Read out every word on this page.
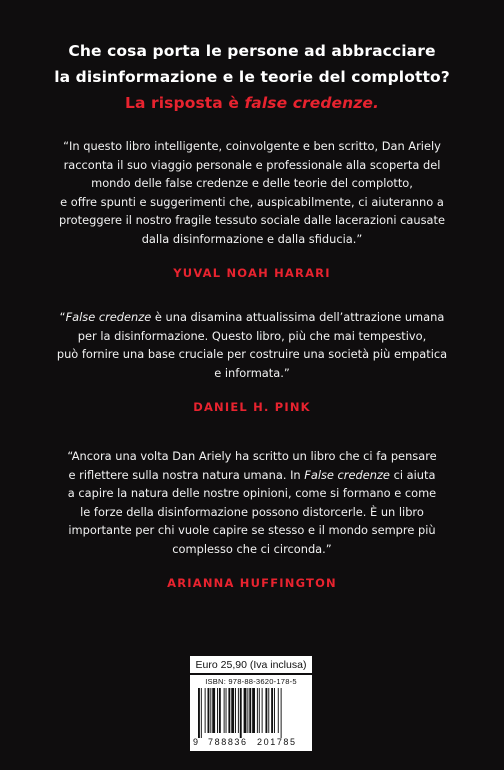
Che cosa porta le persone ad abbracciare
la disinformazione e le teorie del complotto?
La risposta è false credenze.
“In questo libro intelligente, coinvolgente e ben scritto, Dan Ariely
racconta il suo viaggio personale e professionale alla scoperta del
mondo delle false credenze e delle teorie del complotto,
e offre spunti e suggerimenti che, auspicabilmente, ci aiuteranno a
proteggere il nostro fragile tessuto sociale dalle lacerazioni causate
dalla disinformazione e dalla sfiducia.”
YUVAL NOAH HARARI
“False credenze è una disamina attualissima dell’attrazione umana
per la disinformazione. Questo libro, più che mai tempestivo,
può fornire una base cruciale per costruire una società più empatica
e informata.”
DANIEL H. PINK
“Ancora una volta Dan Ariely ha scritto un libro che ci fa pensare
e riflettere sulla nostra natura umana. In False credenze ci aiuta
a capire la natura delle nostre opinioni, come si formano e come
le forze della disinformazione possono distorcerle. È un libro
importante per chi vuole capire se stesso e il mondo sempre più
complesso che ci circonda.”
ARIANNA HUFFINGTON
Euro 25,90 (Iva inclusa)
ISBN: 978-88-3620-178-5
9 788836 201785
